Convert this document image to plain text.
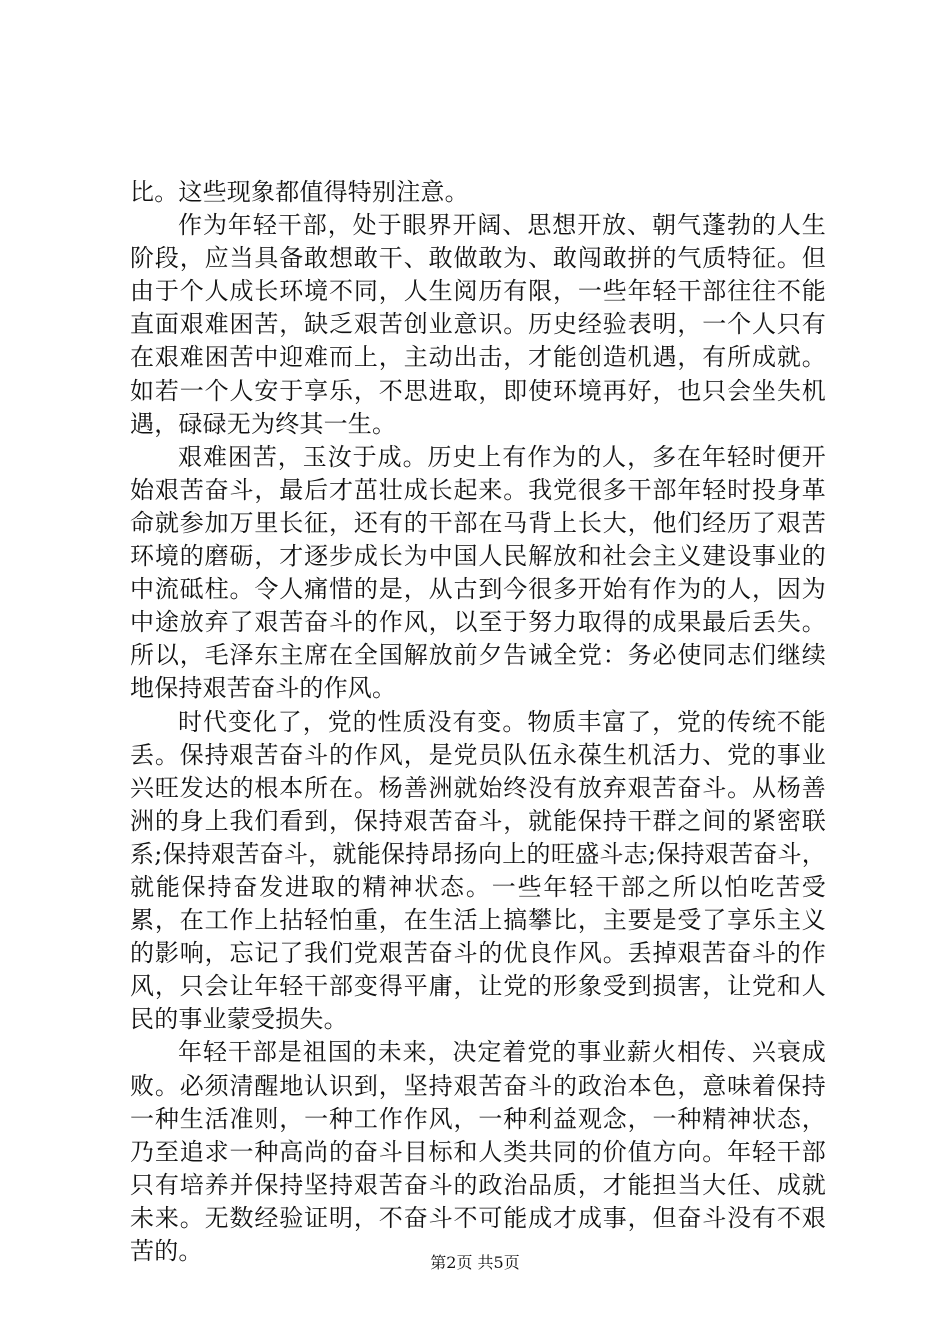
比。这些现象都值得特别注意。

作为年轻干部，处于眼界开阔、思想开放、朝气蓬勃的人生阶段，应当具备敢想敢干、敢做敢为、敢闯敢拼的气质特征。但由于个人成长环境不同，人生阅历有限，一些年轻干部往往不能直面艰难困苦，缺乏艰苦创业意识。历史经验表明，一个人只有在艰难困苦中迎难而上，主动出击，才能创造机遇，有所成就。如若一个人安于享乐，不思进取，即使环境再好，也只会坐失机遇，碌碌无为终其一生。

艰难困苦，玉汝于成。历史上有作为的人，多在年轻时便开始艰苦奋斗，最后才茁壮成长起来。我党很多干部年轻时投身革命就参加万里长征，还有的干部在马背上长大，他们经历了艰苦环境的磨砺，才逐步成长为中国人民解放和社会主义建设事业的中流砥柱。令人痛惜的是，从古到今很多开始有作为的人，因为中途放弃了艰苦奋斗的作风，以至于努力取得的成果最后丢失。所以，毛泽东主席在全国解放前夕告诫全党：务必使同志们继续地保持艰苦奋斗的作风。

时代变化了，党的性质没有变。物质丰富了，党的传统不能丢。保持艰苦奋斗的作风，是党员队伍永葆生机活力、党的事业兴旺发达的根本所在。杨善洲就始终没有放弃艰苦奋斗。从杨善洲的身上我们看到，保持艰苦奋斗，就能保持干群之间的紧密联系;保持艰苦奋斗，就能保持昂扬向上的旺盛斗志;保持艰苦奋斗，就能保持奋发进取的精神状态。一些年轻干部之所以怕吃苦受累，在工作上拈轻怕重，在生活上搞攀比，主要是受了享乐主义的影响，忘记了我们党艰苦奋斗的优良作风。丢掉艰苦奋斗的作风，只会让年轻干部变得平庸，让党的形象受到损害，让党和人民的事业蒙受损失。

年轻干部是祖国的未来，决定着党的事业薪火相传、兴衰成败。必须清醒地认识到，坚持艰苦奋斗的政治本色，意味着保持一种生活准则，一种工作作风，一种利益观念，一种精神状态，乃至追求一种高尚的奋斗目标和人类共同的价值方向。年轻干部只有培养并保持坚持艰苦奋斗的政治品质，才能担当大任、成就未来。无数经验证明，不奋斗不可能成才成事，但奋斗没有不艰苦的。	第2页 共5页
